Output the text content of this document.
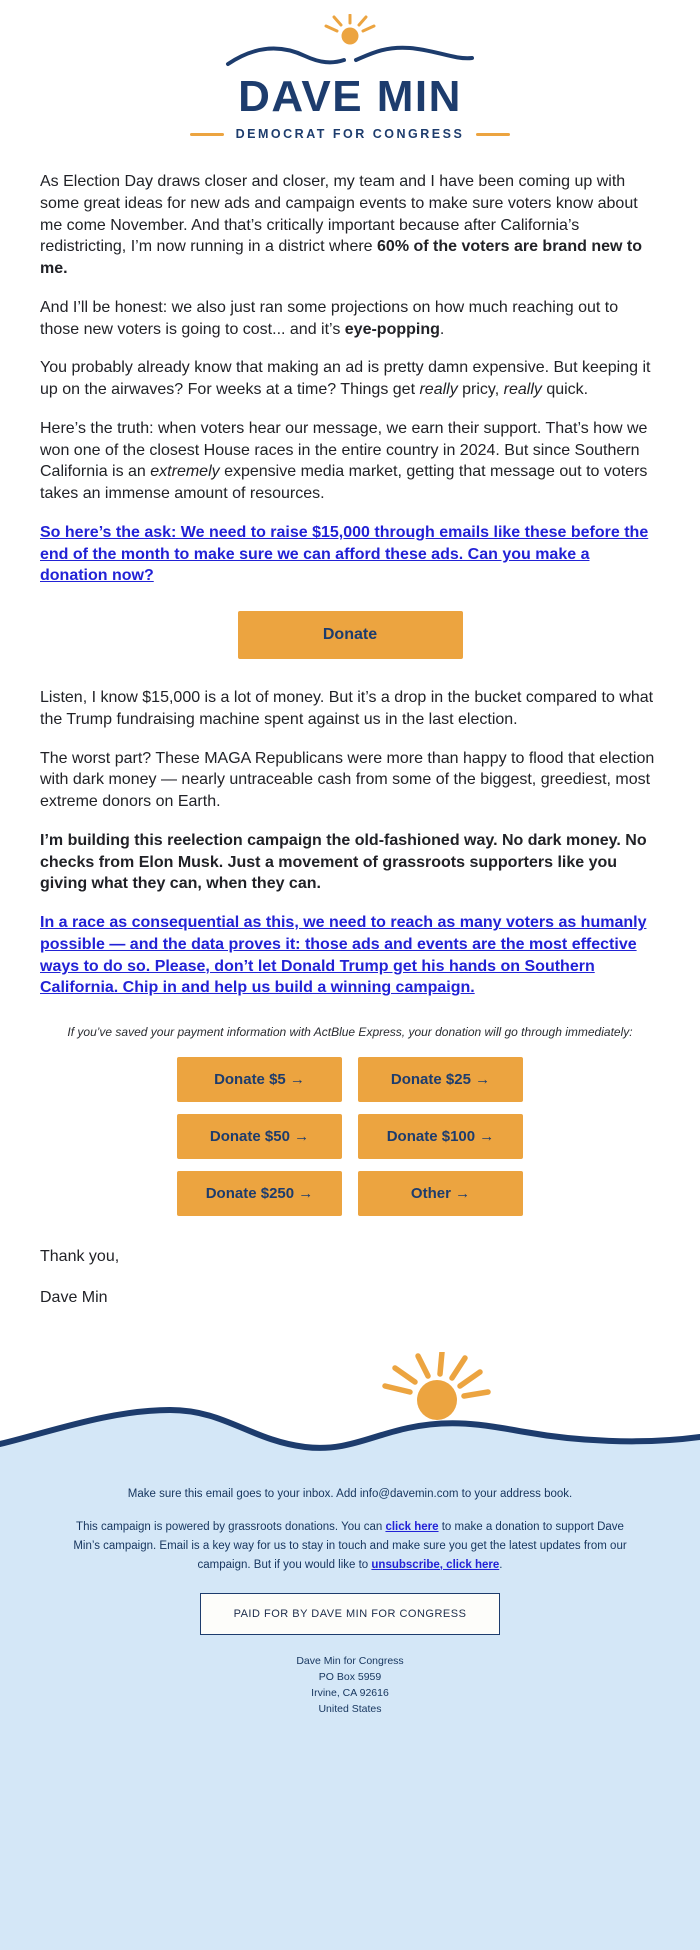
DAVE MIN
DEMOCRAT FOR CONGRESS

As Election Day draws closer and closer, my team and I have been coming up with some great ideas for new ads and campaign events to make sure voters know about me come November. And that’s critically important because after California’s redistricting, I’m now running in a district where 60% of the voters are brand new to me.

And I’ll be honest: we also just ran some projections on how much reaching out to those new voters is going to cost... and it’s eye-popping.

You probably already know that making an ad is pretty damn expensive. But keeping it up on the airwaves? For weeks at a time? Things get really pricy, really quick.

Here’s the truth: when voters hear our message, we earn their support. That’s how we won one of the closest House races in the entire country in 2024. But since Southern California is an extremely expensive media market, getting that message out to voters takes an immense amount of resources.

So here’s the ask: We need to raise $15,000 through emails like these before the end of the month to make sure we can afford these ads. Can you make a donation now?

Donate

Listen, I know $15,000 is a lot of money. But it’s a drop in the bucket compared to what the Trump fundraising machine spent against us in the last election.

The worst part? These MAGA Republicans were more than happy to flood that election with dark money — nearly untraceable cash from some of the biggest, greediest, most extreme donors on Earth.

I’m building this reelection campaign the old-fashioned way. No dark money. No checks from Elon Musk. Just a movement of grassroots supporters like you giving what they can, when they can.

In a race as consequential as this, we need to reach as many voters as humanly possible — and the data proves it: those ads and events are the most effective ways to do so. Please, don’t let Donald Trump get his hands on Southern California. Chip in and help us build a winning campaign.

If you’ve saved your payment information with ActBlue Express, your donation will go through immediately:
Donate $5 →	Donate $25 →
Donate $50 →	Donate $100 →
Donate $250 →	Other →

Thank you,

Dave Min

Make sure this email goes to your inbox. Add info@davemin.com to your address book.
This campaign is powered by grassroots donations. You can click here to make a donation to support Dave Min’s campaign. Email is a key way for us to stay in touch and make sure you get the latest updates from our campaign. But if you would like to unsubscribe, click here.
PAID FOR BY DAVE MIN FOR CONGRESS
Dave Min for Congress
PO Box 5959
Irvine, CA 92616
United States
